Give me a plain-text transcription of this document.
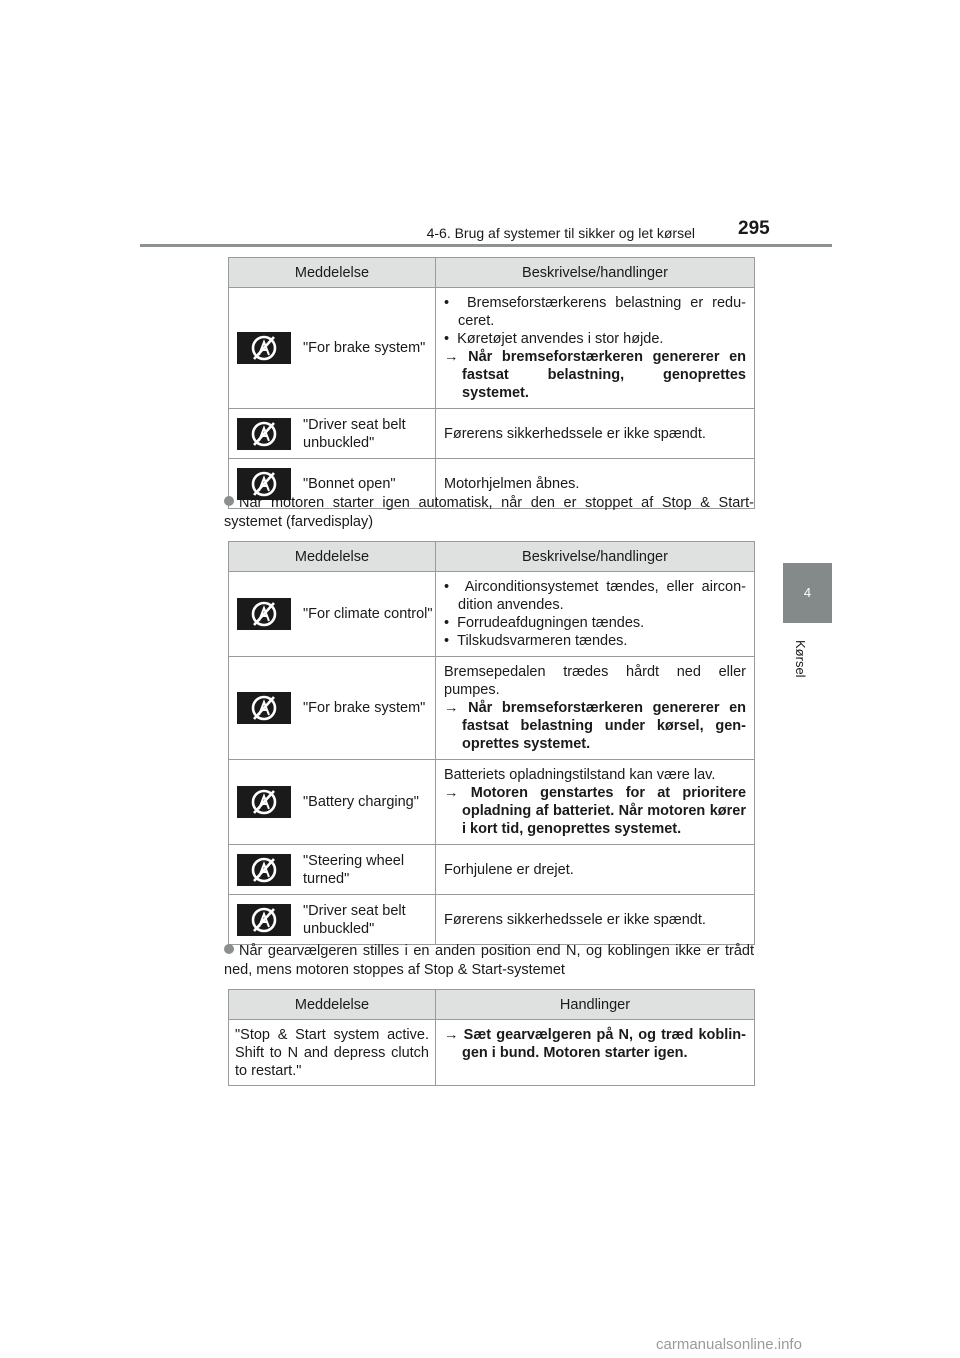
4-6. Brug af systemer til sikker og let kørsel 295
4
Kørsel
Meddelelse	Beskrivelse/handlinger

"For brake system"	• Bremseforstærkerens belastning er reduceret.
• Køretøjet anvendes i stor højde.
→ Når bremseforstærkeren genererer en fastsat belastning, genoprettes systemet.

"Driver seat belt unbuckled"	Førerens sikkerhedssele er ikke spændt.

"Bonnet open"	Motorhjelmen åbnes.
Når motoren starter igen automatisk, når den er stoppet af Stop & Start-systemet (farvedisplay)
Meddelelse	Beskrivelse/handlinger

"For climate control"	• Airconditionsystemet tændes, eller aircondition anvendes.
• Forrudeafdugningen tændes.
• Tilskudsvarmeren tændes.

"For brake system"	Bremsepedalen trædes hårdt ned eller pumpes.
→ Når bremseforstærkeren genererer en fastsat belastning under kørsel, genoprettes systemet.

"Battery charging"	Batteriets opladningstilstand kan være lav.
→ Motoren genstartes for at prioritere opladning af batteriet. Når motoren kører i kort tid, genoprettes systemet.

"Steering wheel turned"	Forhjulene er drejet.

"Driver seat belt unbuckled"	Førerens sikkerhedssele er ikke spændt.
Når gearvælgeren stilles i en anden position end N, og koblingen ikke er trådt ned, mens motoren stoppes af Stop & Start-systemet
Meddelelse	Handlinger
"Stop & Start system active. Shift to N and depress clutch to restart."	→ Sæt gearvælgeren på N, og træd koblingen i bund. Motoren starter igen.
carmanualsonline.info
